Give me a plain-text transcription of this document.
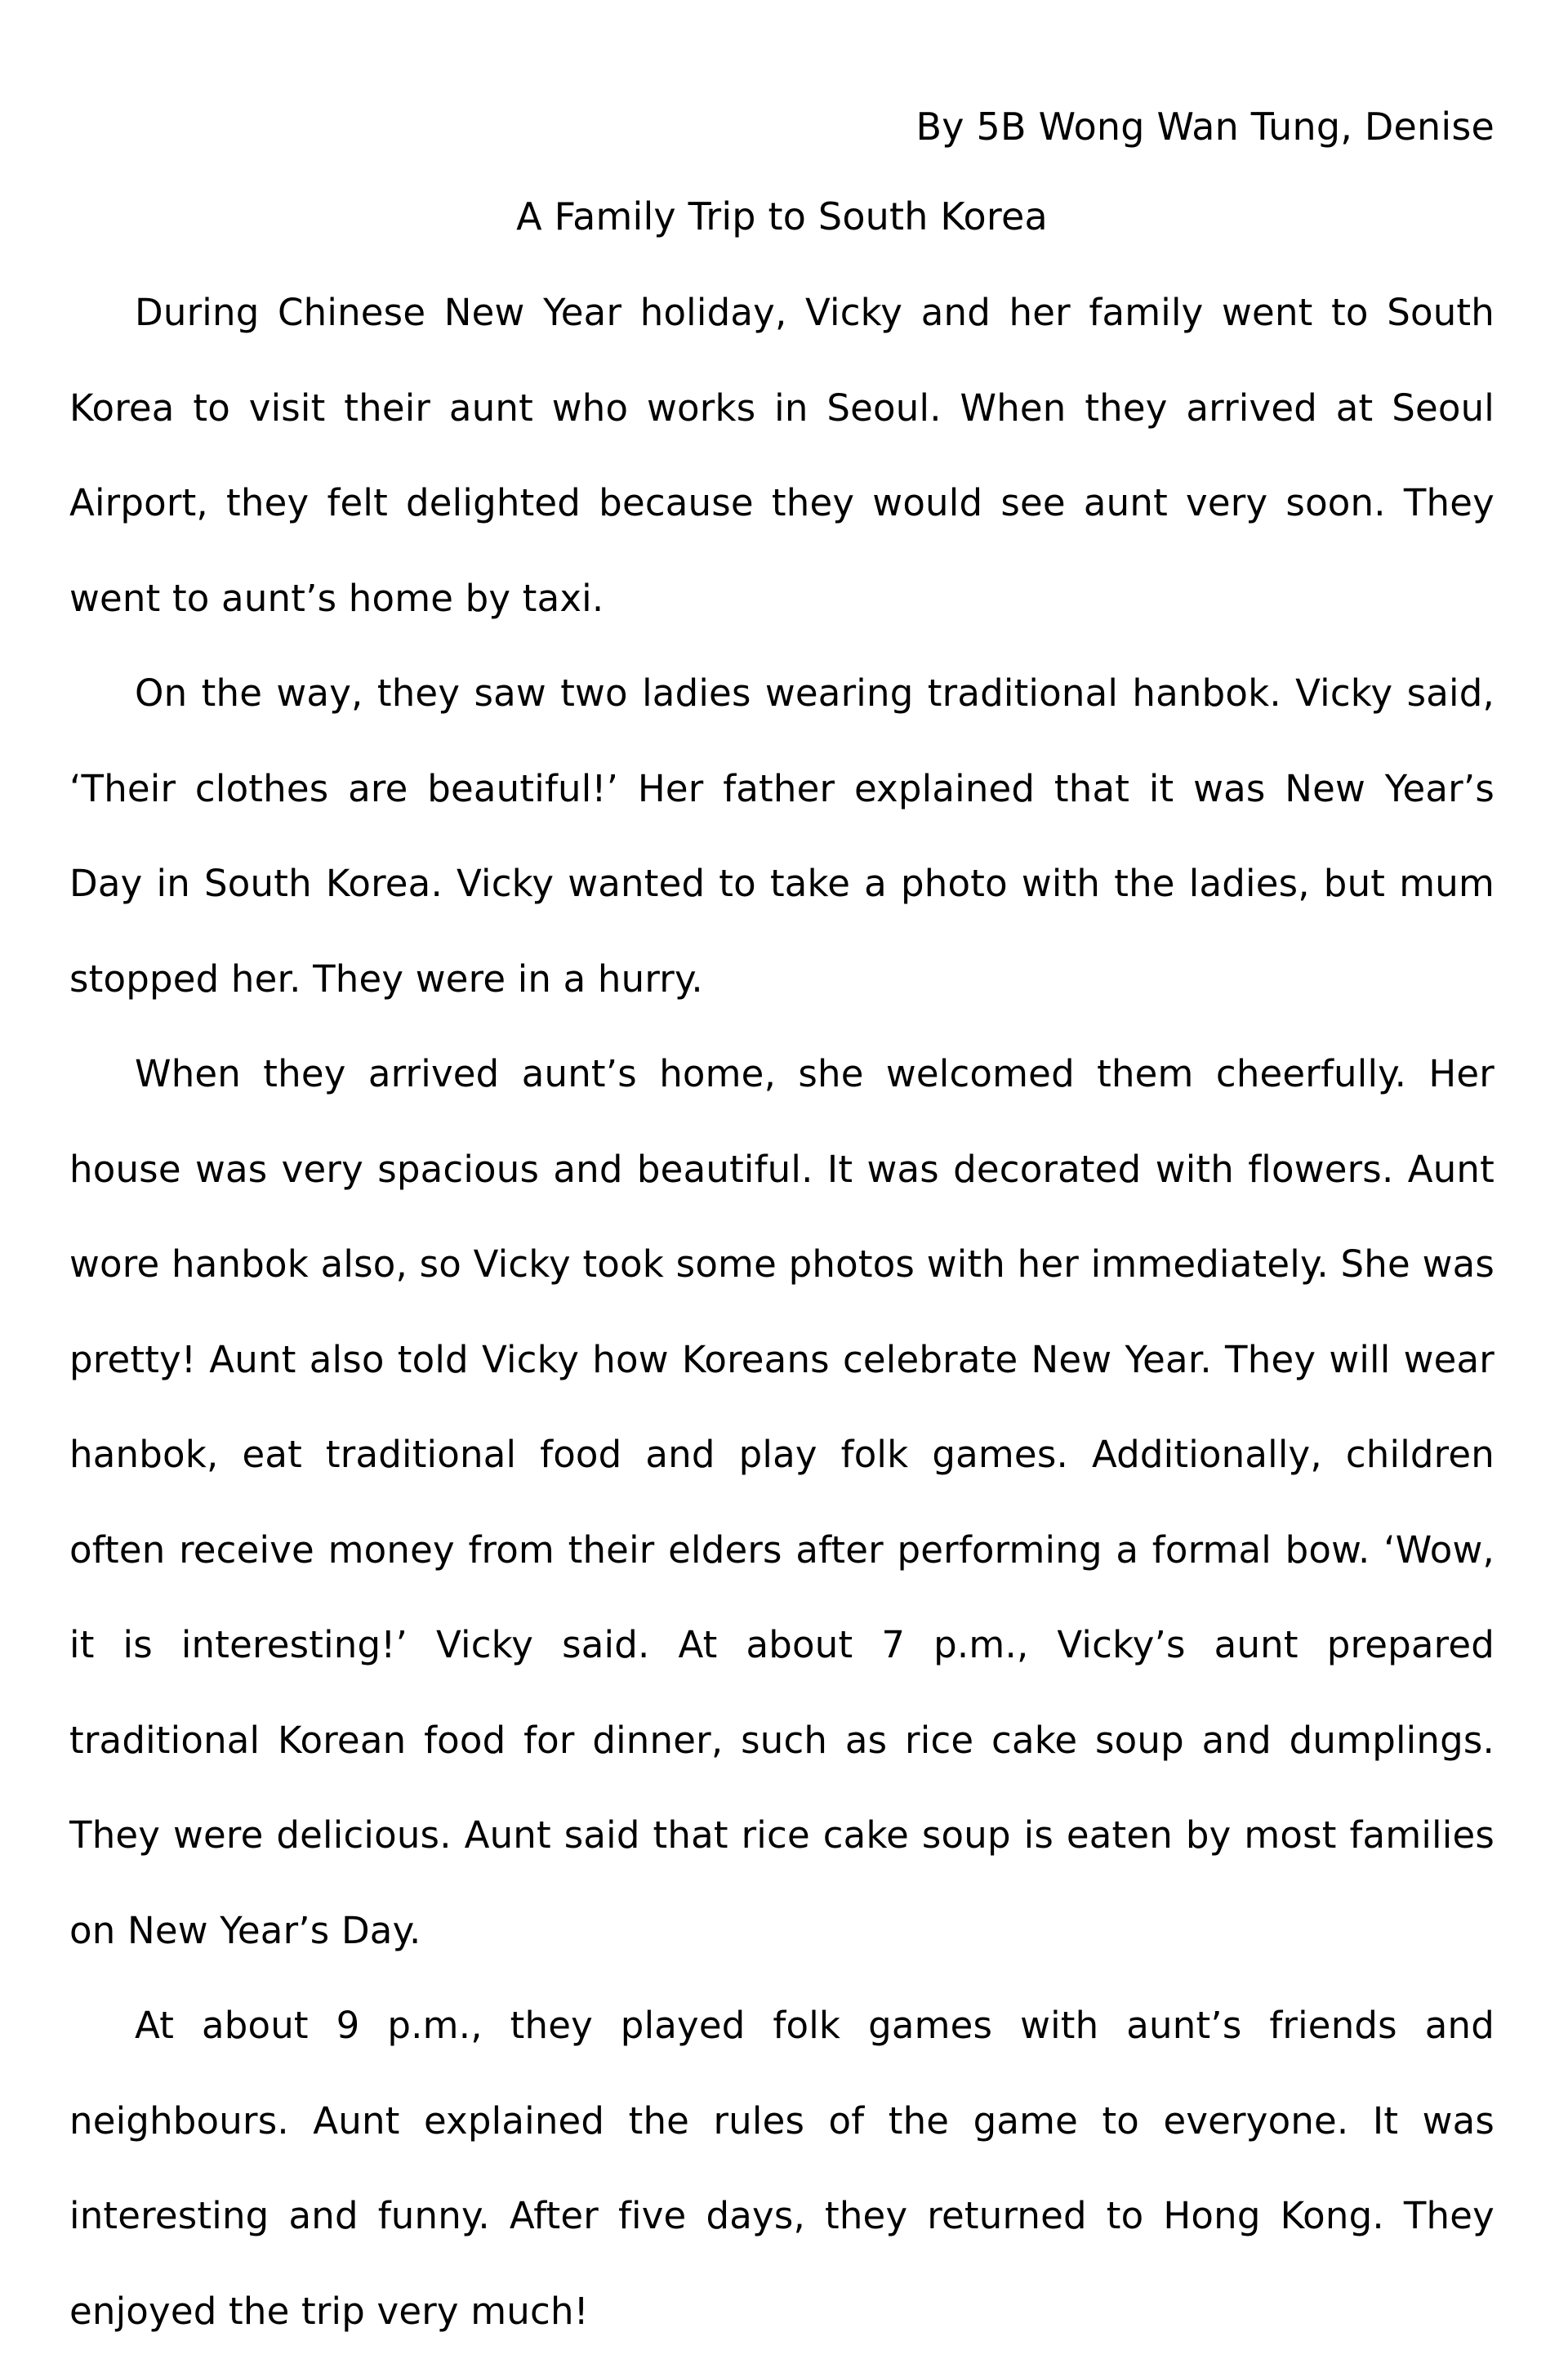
By 5B Wong Wan Tung, Denise

A Family Trip to South Korea

During Chinese New Year holiday, Vicky and her family went to South Korea to visit their aunt who works in Seoul. When they arrived at Seoul Airport, they felt delighted because they would see aunt very soon. They went to aunt’s home by taxi.

On the way, they saw two ladies wearing traditional hanbok. Vicky said, ‘Their clothes are beautiful!’ Her father explained that it was New Year’s Day in South Korea. Vicky wanted to take a photo with the ladies, but mum stopped her. They were in a hurry.

When they arrived aunt’s home, she welcomed them cheerfully. Her house was very spacious and beautiful. It was decorated with flowers. Aunt wore hanbok also, so Vicky took some photos with her immediately. She was pretty! Aunt also told Vicky how Koreans celebrate New Year. They will wear hanbok, eat traditional food and play folk games. Additionally, children often receive money from their elders after performing a formal bow. ‘Wow, it is interesting!’ Vicky said. At about 7 p.m., Vicky’s aunt prepared traditional Korean food for dinner, such as rice cake soup and dumplings. They were delicious. Aunt said that rice cake soup is eaten by most families on New Year’s Day.

At about 9 p.m., they played folk games with aunt’s friends and neighbours. Aunt explained the rules of the game to everyone. It was interesting and funny. After five days, they returned to Hong Kong. They enjoyed the trip very much!
